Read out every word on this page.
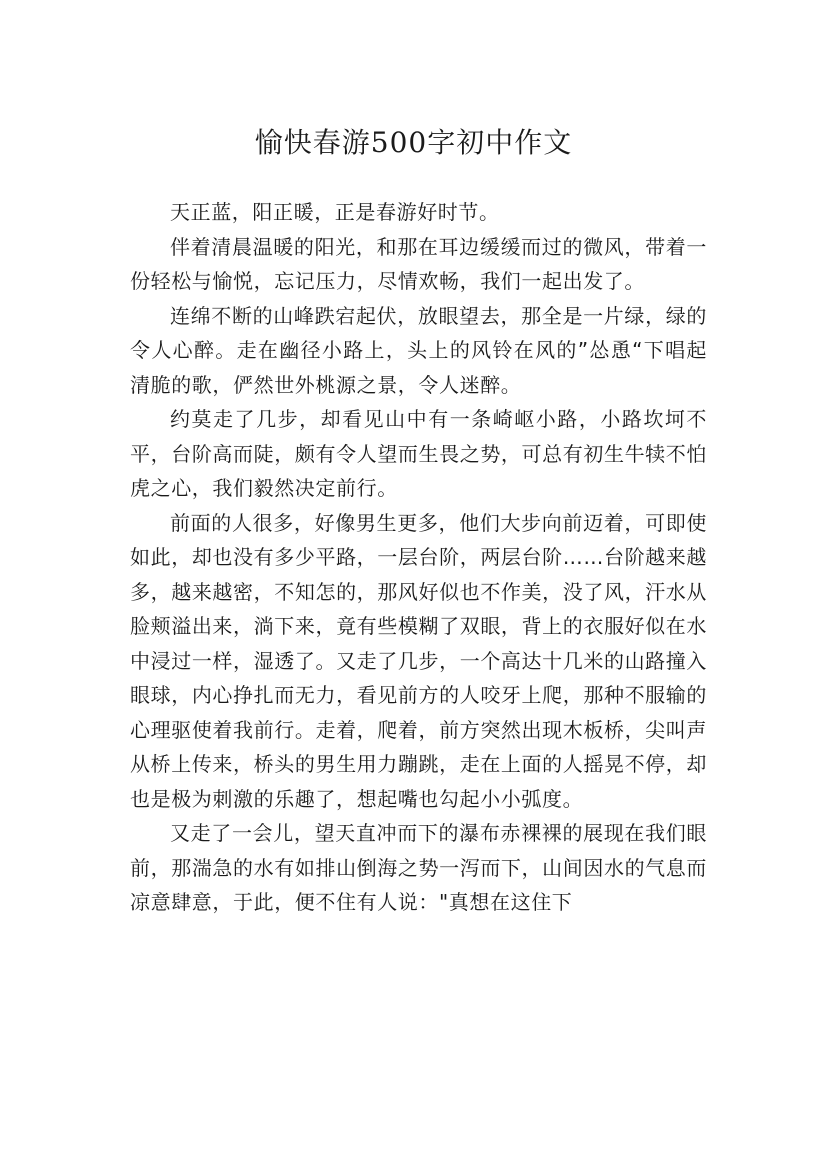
愉快春游500字初中作文

天正蓝，阳正暖，正是春游好时节。

伴着清晨温暖的阳光，和那在耳边缓缓而过的微风，带着一份轻松与愉悦，忘记压力，尽情欢畅，我们一起出发了。

连绵不断的山峰跌宕起伏，放眼望去，那全是一片绿，绿的令人心醉。走在幽径小路上，头上的风铃在风的”怂恿“下唱起清脆的歌，俨然世外桃源之景，令人迷醉。

约莫走了几步，却看见山中有一条崎岖小路，小路坎坷不平，台阶高而陡，颇有令人望而生畏之势，可总有初生牛犊不怕虎之心，我们毅然决定前行。

前面的人很多，好像男生更多，他们大步向前迈着，可即使如此，却也没有多少平路，一层台阶，两层台阶……台阶越来越多，越来越密，不知怎的，那风好似也不作美，没了风，汗水从脸颊溢出来，淌下来，竟有些模糊了双眼，背上的衣服好似在水中浸过一样，湿透了。又走了几步，一个高达十几米的山路撞入眼球，内心挣扎而无力，看见前方的人咬牙上爬，那种不服输的心理驱使着我前行。走着，爬着，前方突然出现木板桥，尖叫声从桥上传来，桥头的男生用力蹦跳，走在上面的人摇晃不停，却也是极为刺激的乐趣了，想起嘴也勾起小小弧度。

又走了一会儿，望天直冲而下的瀑布赤裸裸的展现在我们眼前，那湍急的水有如排山倒海之势一泻而下，山间因水的气息而凉意肆意，于此，便不住有人说："真想在这住下
